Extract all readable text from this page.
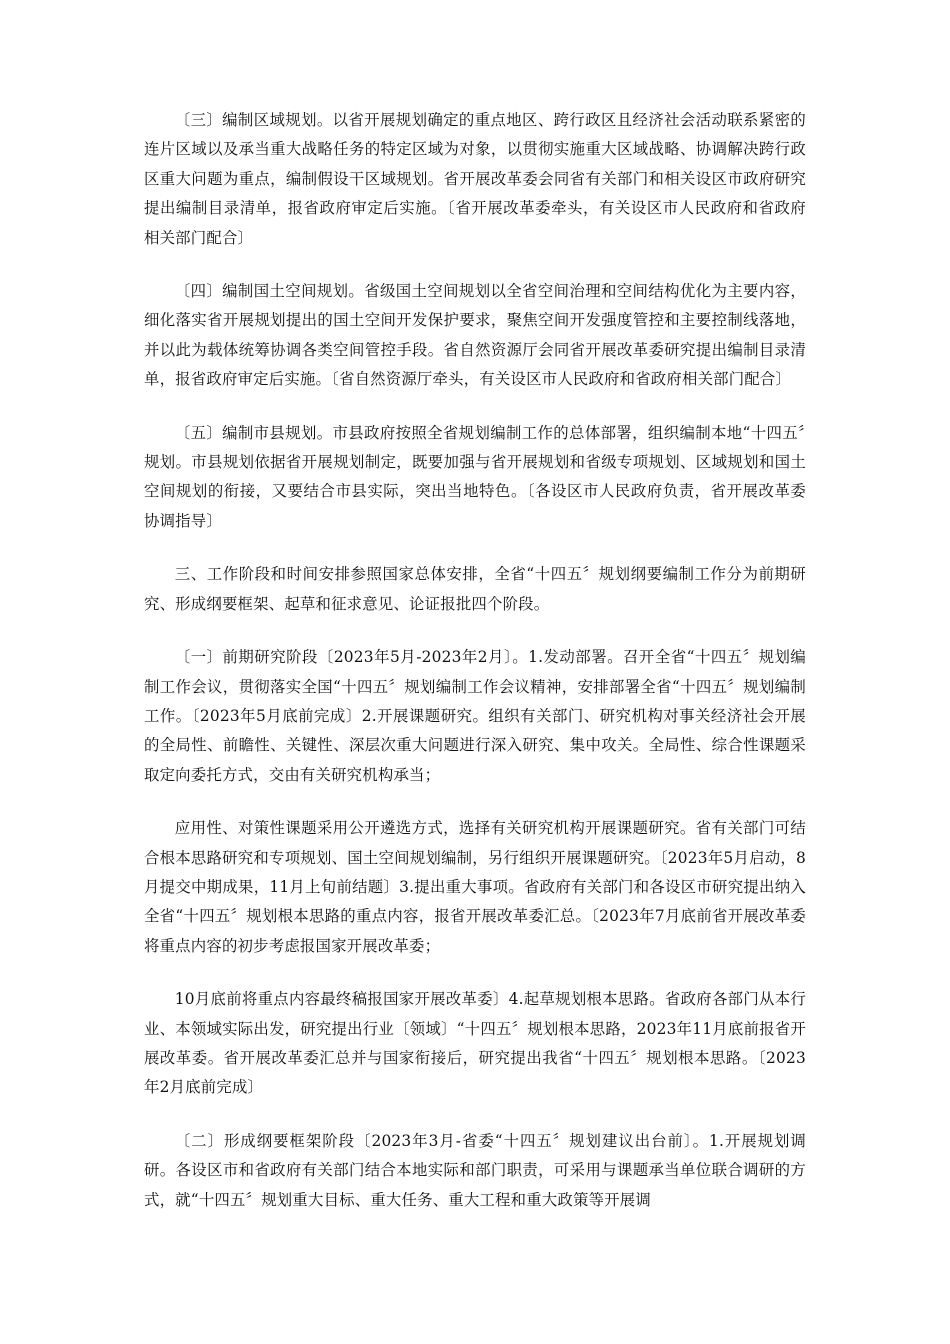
〔三〕编制区域规划。以省开展规划确定的重点地区、跨行政区且经济社会活动联系紧密的连片区域以及承当重大战略任务的特定区域为对象，以贯彻实施重大区域战略、协调解决跨行政区重大问题为重点，编制假设干区域规划。省开展改革委会同省有关部门和相关设区市政府研究提出编制目录清单，报省政府审定后实施。〔省开展改革委牵头，有关设区市人民政府和省政府相关部门配合〕

〔四〕编制国土空间规划。省级国土空间规划以全省空间治理和空间结构优化为主要内容，细化落实省开展规划提出的国土空间开发保护要求，聚焦空间开发强度管控和主要控制线落地，并以此为载体统筹协调各类空间管控手段。省自然资源厅会同省开展改革委研究提出编制目录清单，报省政府审定后实施。〔省自然资源厅牵头，有关设区市人民政府和省政府相关部门配合〕

〔五〕编制市县规划。市县政府按照全省规划编制工作的总体部署，组织编制本地“十四五〞规划。市县规划依据省开展规划制定，既要加强与省开展规划和省级专项规划、区域规划和国土空间规划的衔接，又要结合市县实际，突出当地特色。〔各设区市人民政府负责，省开展改革委协调指导〕

三、工作阶段和时间安排参照国家总体安排，全省“十四五〞规划纲要编制工作分为前期研究、形成纲要框架、起草和征求意见、论证报批四个阶段。

〔一〕前期研究阶段〔2023年5月-2023年2月〕。1.发动部署。召开全省“十四五〞规划编制工作会议，贯彻落实全国“十四五〞规划编制工作会议精神，安排部署全省“十四五〞规划编制工作。〔2023年5月底前完成〕2.开展课题研究。组织有关部门、研究机构对事关经济社会开展的全局性、前瞻性、关键性、深层次重大问题进行深入研究、集中攻关。全局性、综合性课题采取定向委托方式，交由有关研究机构承当；

应用性、对策性课题采用公开遴选方式，选择有关研究机构开展课题研究。省有关部门可结合根本思路研究和专项规划、国土空间规划编制，另行组织开展课题研究。〔2023年5月启动，8月提交中期成果，11月上旬前结题〕3.提出重大事项。省政府有关部门和各设区市研究提出纳入全省“十四五〞规划根本思路的重点内容，报省开展改革委汇总。〔2023年7月底前省开展改革委将重点内容的初步考虑报国家开展改革委；

10月底前将重点内容最终稿报国家开展改革委〕4.起草规划根本思路。省政府各部门从本行业、本领域实际出发，研究提出行业〔领域〕“十四五〞规划根本思路，2023年11月底前报省开展改革委。省开展改革委汇总并与国家衔接后，研究提出我省“十四五〞规划根本思路。〔2023年2月底前完成〕

〔二〕形成纲要框架阶段〔2023年3月-省委“十四五〞规划建议出台前〕。1.开展规划调研。各设区市和省政府有关部门结合本地实际和部门职责，可采用与课题承当单位联合调研的方式，就“十四五〞规划重大目标、重大任务、重大工程和重大政策等开展调
